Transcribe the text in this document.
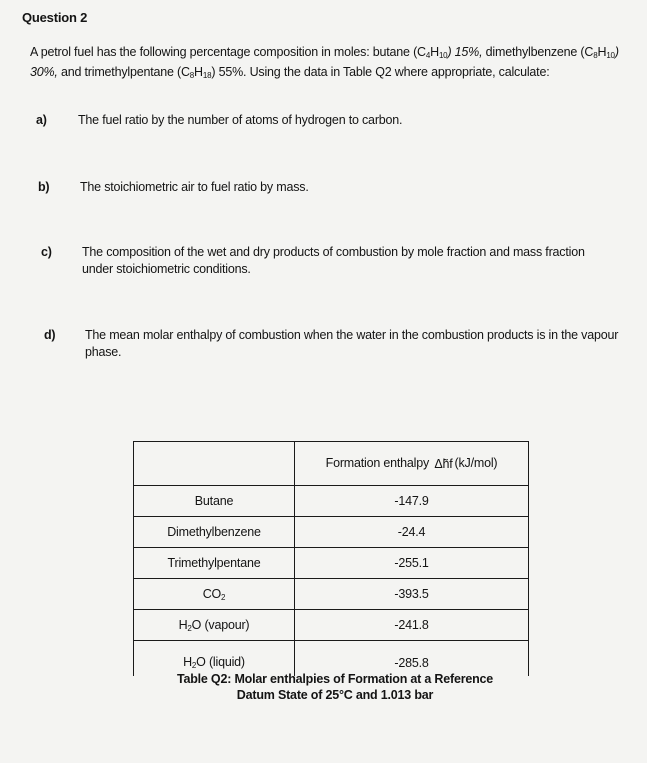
Question 2
A petrol fuel has the following percentage composition in moles: butane $(C_4H_{10})$ 15%, dimethylbenzene $(C_8H_{10})$ 30%, and trimethylpentane $(C_8H_{18})$ 55%. Using the data in Table Q2 where appropriate, calculate:
a)	The fuel ratio by the number of atoms of hydrogen to carbon.
b) The stoichiometric air to fuel ratio by mass.
c) The composition of the wet and dry products of combustion by mole fraction and mass fraction under stoichiometric conditions.
d) The mean molar enthalpy of combustion when the water in the combustion products is in the vapour phase.
	Formation enthalpy Δh̃f (kJ/mol)
Butane	-147.9
Dimethylbenzene	-24.4
Trimethylpentane	-255.1
$CO_2$	-393.5
$H_2O$ (vapour)	-241.8
$H_2O$ (liquid)	-285.8
Table Q2: Molar enthalpies of Formation at a Reference
Datum State of 25°C and 1.013 bar
